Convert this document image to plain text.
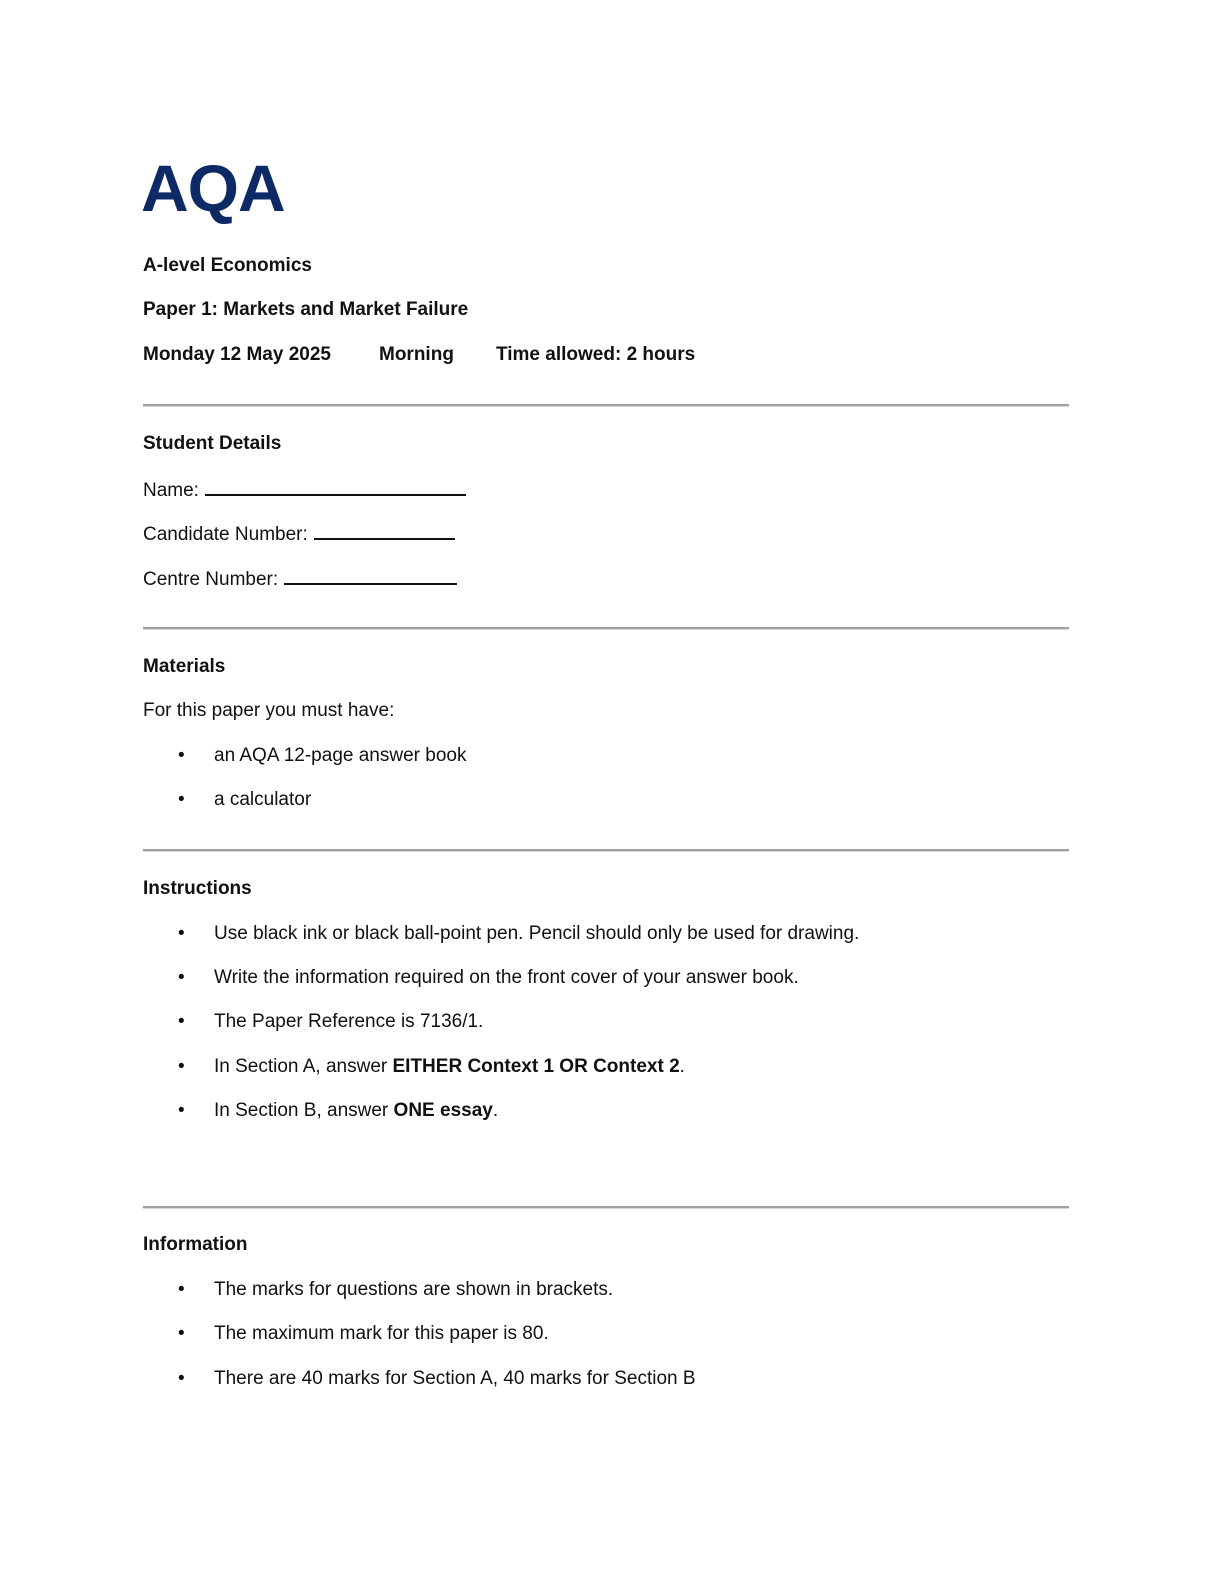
AQA
A-level Economics
Paper 1: Markets and Market Failure
Monday 12 May 2025	Morning Time allowed: 2 hours
Student Details
Name:
Candidate Number:
Centre Number:
Materials
For this paper you must have:
• an AQA 12-page answer book
• a calculator
Instructions
• Use black ink or black ball-point pen. Pencil should only be used for drawing.
• Write the information required on the front cover of your answer book.
• The Paper Reference is 7136/1.
• In Section A, answer EITHER Context 1 OR Context 2.
• In Section B, answer ONE essay.
Information
• The marks for questions are shown in brackets.
• The maximum mark for this paper is 80.
• There are 40 marks for Section A, 40 marks for Section B
